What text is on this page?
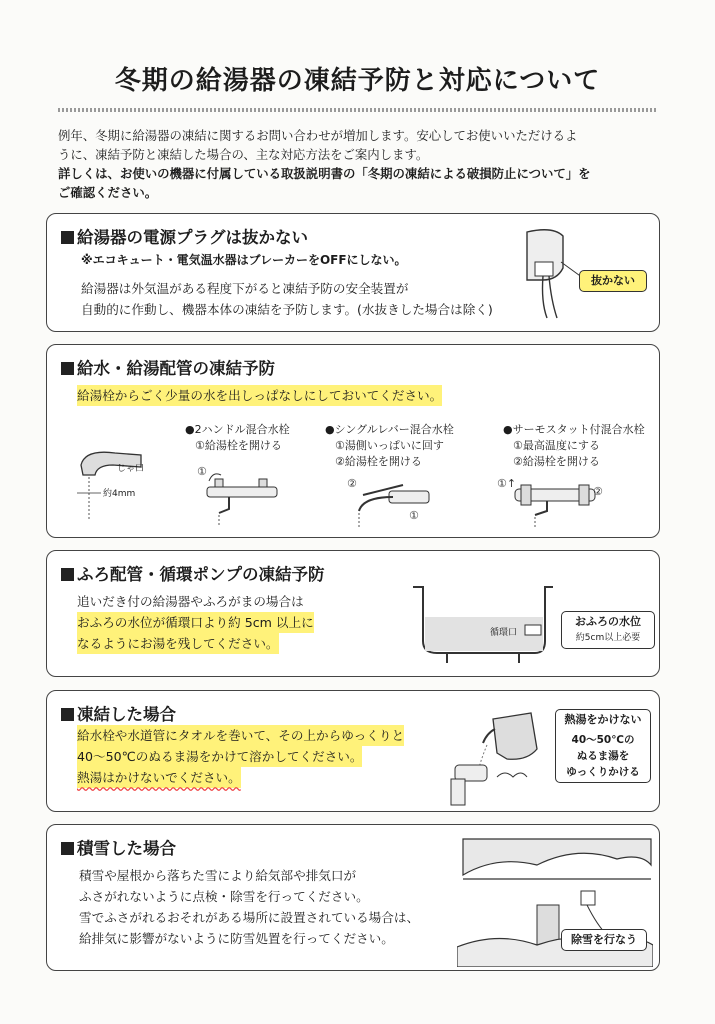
冬期の給湯器の凍結予防と対応について
例年、冬期に給湯器の凍結に関するお問い合わせが増加します。安心してお使いいただけるよ
うに、凍結予防と凍結した場合の、主な対応方法をご案内します。
詳しくは、お使いの機器に付属している取扱説明書の「冬期の凍結による破損防止について」を
ご確認ください。
給湯器の電源プラグは抜かない
※エコキュート・電気温水器はブレーカーをOFFにしない。
給湯器は外気温がある程度下がると凍結予防の安全装置が
自動的に作動し、機器本体の凍結を予防します。(水抜きした場合は除く)
抜かない
給水・給湯配管の凍結予防
給湯栓からごく少量の水を出しっぱなしにしておいてください。
じゃ口
約4mm
●2ハンドル混合水栓
①給湯栓を開ける
①
●シングルレバー混合水栓
①湯側いっぱいに回す
②給湯栓を開ける
②
①
●サーモスタット付混合水栓
①最高温度にする
②給湯栓を開ける
①↑
②
ふろ配管・循環ポンプの凍結予防
追いだき付の給湯器やふろがまの場合は
おふろの水位が循環口より約 5cm 以上に
なるようにお湯を残してください。
循環口
おふろの水位
約5cm以上必要
凍結した場合
給水栓や水道管にタオルを巻いて、その上からゆっくりと
40～50℃のぬるま湯をかけて溶かしてください。
熱湯はかけないでください。
熱湯をかけない
40～50℃の
ぬるま湯を
ゆっくりかける
積雪した場合
積雪や屋根から落ちた雪により給気部や排気口が
ふさがれないように点検・除雪を行ってください。
雪でふさがれるおそれがある場所に設置されている場合は、
給排気に影響がないように防雪処置を行ってください。	除雪を行なう
